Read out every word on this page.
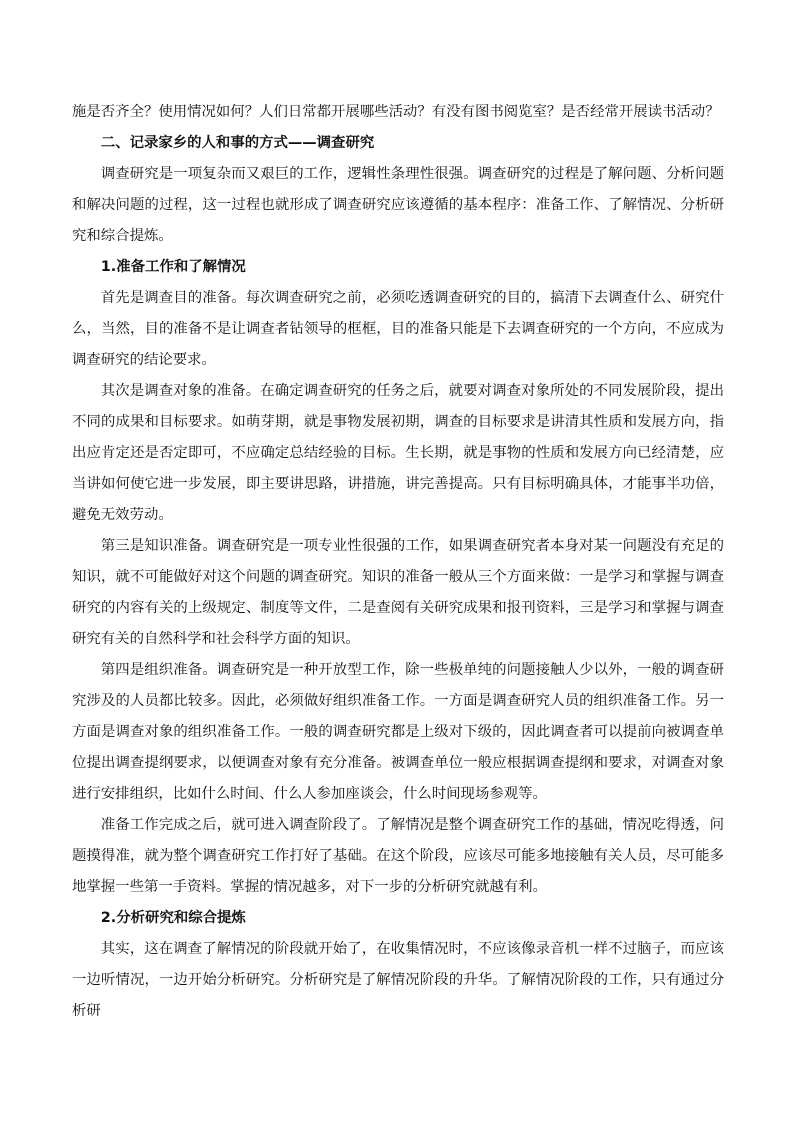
施是否齐全？使用情况如何？人们日常都开展哪些活动？有没有图书阅览室？是否经常开展读书活动？

二、记录家乡的人和事的方式——调查研究

调查研究是一项复杂而又艰巨的工作，逻辑性条理性很强。调查研究的过程是了解问题、分析问题和解决问题的过程，这一过程也就形成了调查研究应该遵循的基本程序：准备工作、了解情况、分析研究和综合提炼。

1.准备工作和了解情况

首先是调查目的准备。每次调查研究之前，必须吃透调查研究的目的，搞清下去调查什么、研究什么，当然，目的准备不是让调查者钻领导的框框，目的准备只能是下去调查研究的一个方向，不应成为调查研究的结论要求。

其次是调查对象的准备。在确定调查研究的任务之后，就要对调查对象所处的不同发展阶段，提出不同的成果和目标要求。如萌芽期，就是事物发展初期，调查的目标要求是讲清其性质和发展方向，指出应肯定还是否定即可，不应确定总结经验的目标。生长期，就是事物的性质和发展方向已经清楚，应当讲如何使它进一步发展，即主要讲思路，讲措施，讲完善提高。只有目标明确具体，才能事半功倍，避免无效劳动。

第三是知识准备。调查研究是一项专业性很强的工作，如果调查研究者本身对某一问题没有充足的知识，就不可能做好对这个问题的调查研究。知识的准备一般从三个方面来做：一是学习和掌握与调查研究的内容有关的上级规定、制度等文件，二是查阅有关研究成果和报刊资料，三是学习和掌握与调查研究有关的自然科学和社会科学方面的知识。

第四是组织准备。调查研究是一种开放型工作，除一些极单纯的问题接触人少以外，一般的调查研究涉及的人员都比较多。因此，必须做好组织准备工作。一方面是调查研究人员的组织准备工作。另一方面是调查对象的组织准备工作。一般的调查研究都是上级对下级的，因此调查者可以提前向被调查单位提出调查提纲要求，以便调查对象有充分准备。被调查单位一般应根据调查提纲和要求，对调查对象进行安排组织，比如什么时间、什么人参加座谈会，什么时间现场参观等。

准备工作完成之后，就可进入调查阶段了。了解情况是整个调查研究工作的基础，情况吃得透，问题摸得准，就为整个调查研究工作打好了基础。在这个阶段，应该尽可能多地接触有关人员，尽可能多地掌握一些第一手资料。掌握的情况越多，对下一步的分析研究就越有利。

2.分析研究和综合提炼

其实，这在调查了解情况的阶段就开始了，在收集情况时，不应该像录音机一样不过脑子，而应该一边听情况，一边开始分析研究。分析研究是了解情况阶段的升华。了解情况阶段的工作，只有通过分析研
